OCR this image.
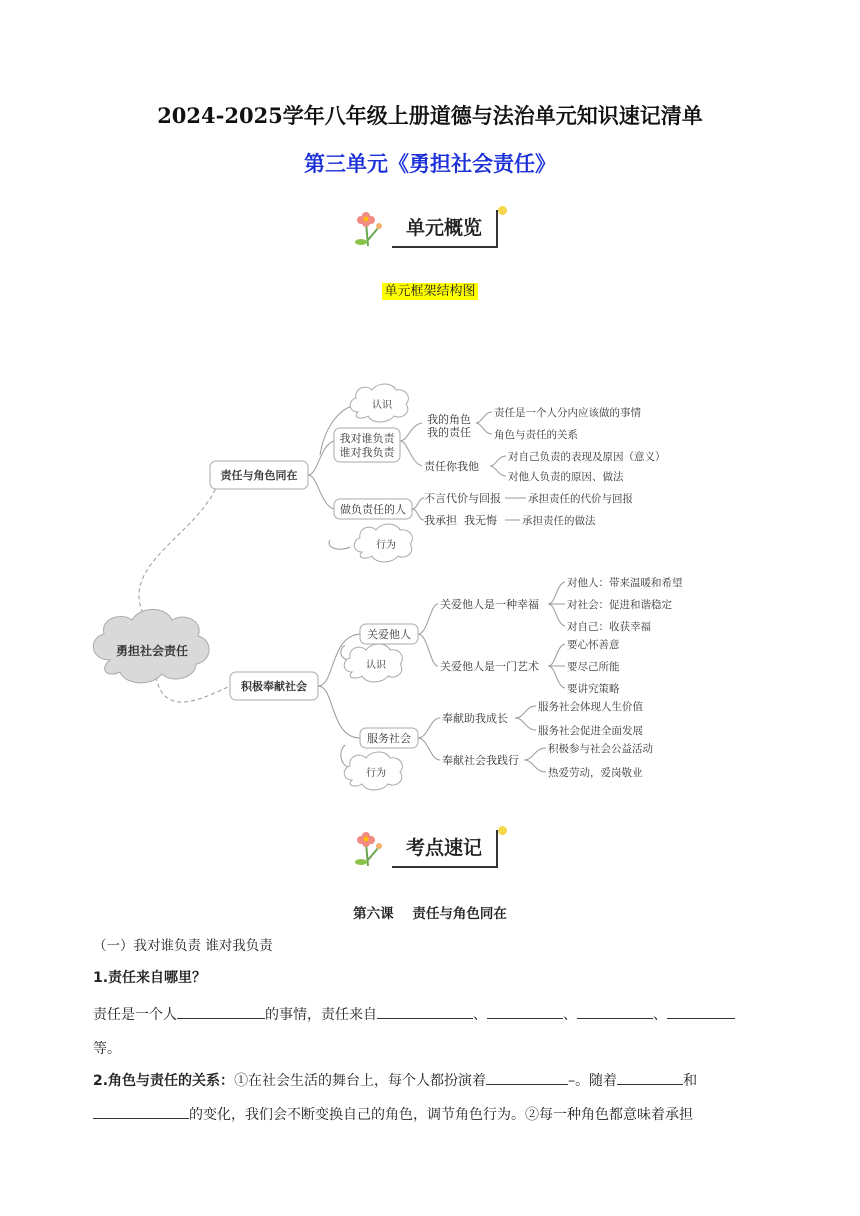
2024-2025学年八年级上册道德与法治单元知识速记清单
第三单元《勇担社会责任》
单元概览
单元框架结构图
勇担社会责任
责任与角色同在
认识
行为
我对谁负责
谁对我负责
做负责任的人
我的角色
我的责任
责任你我他
不言代价与回报
我承担  我无悔
责任是一个人分内应该做的事情
角色与责任的关系
对自己负责的表现及原因（意义）
对他人负责的原因、做法
承担责任的代价与回报
承担责任的做法
积极奉献社会
关爱他人
服务社会
认识
行为
关爱他人是一种幸福
关爱他人是一门艺术
奉献助我成长
奉献社会我践行
对他人：带来温暖和希望
对社会：促进和谐稳定
对自己：收获幸福
要心怀善意
要尽己所能
要讲究策略
服务社会体现人生价值
服务社会促进全面发展
积极参与社会公益活动
热爱劳动，爱岗敬业
考点速记
第六课    责任与角色同在
（一）我对谁负责 谁对我负责
1.责任来自哪里？
责任是一个人	的事情，责任来自	、	、	、
等。
2.角色与责任的关系：①在社会生活的舞台上，每个人都扮演着	–。随着	和
的变化，我们会不断变换自己的角色，调节角色行为。②每一种角色都意味着承担
